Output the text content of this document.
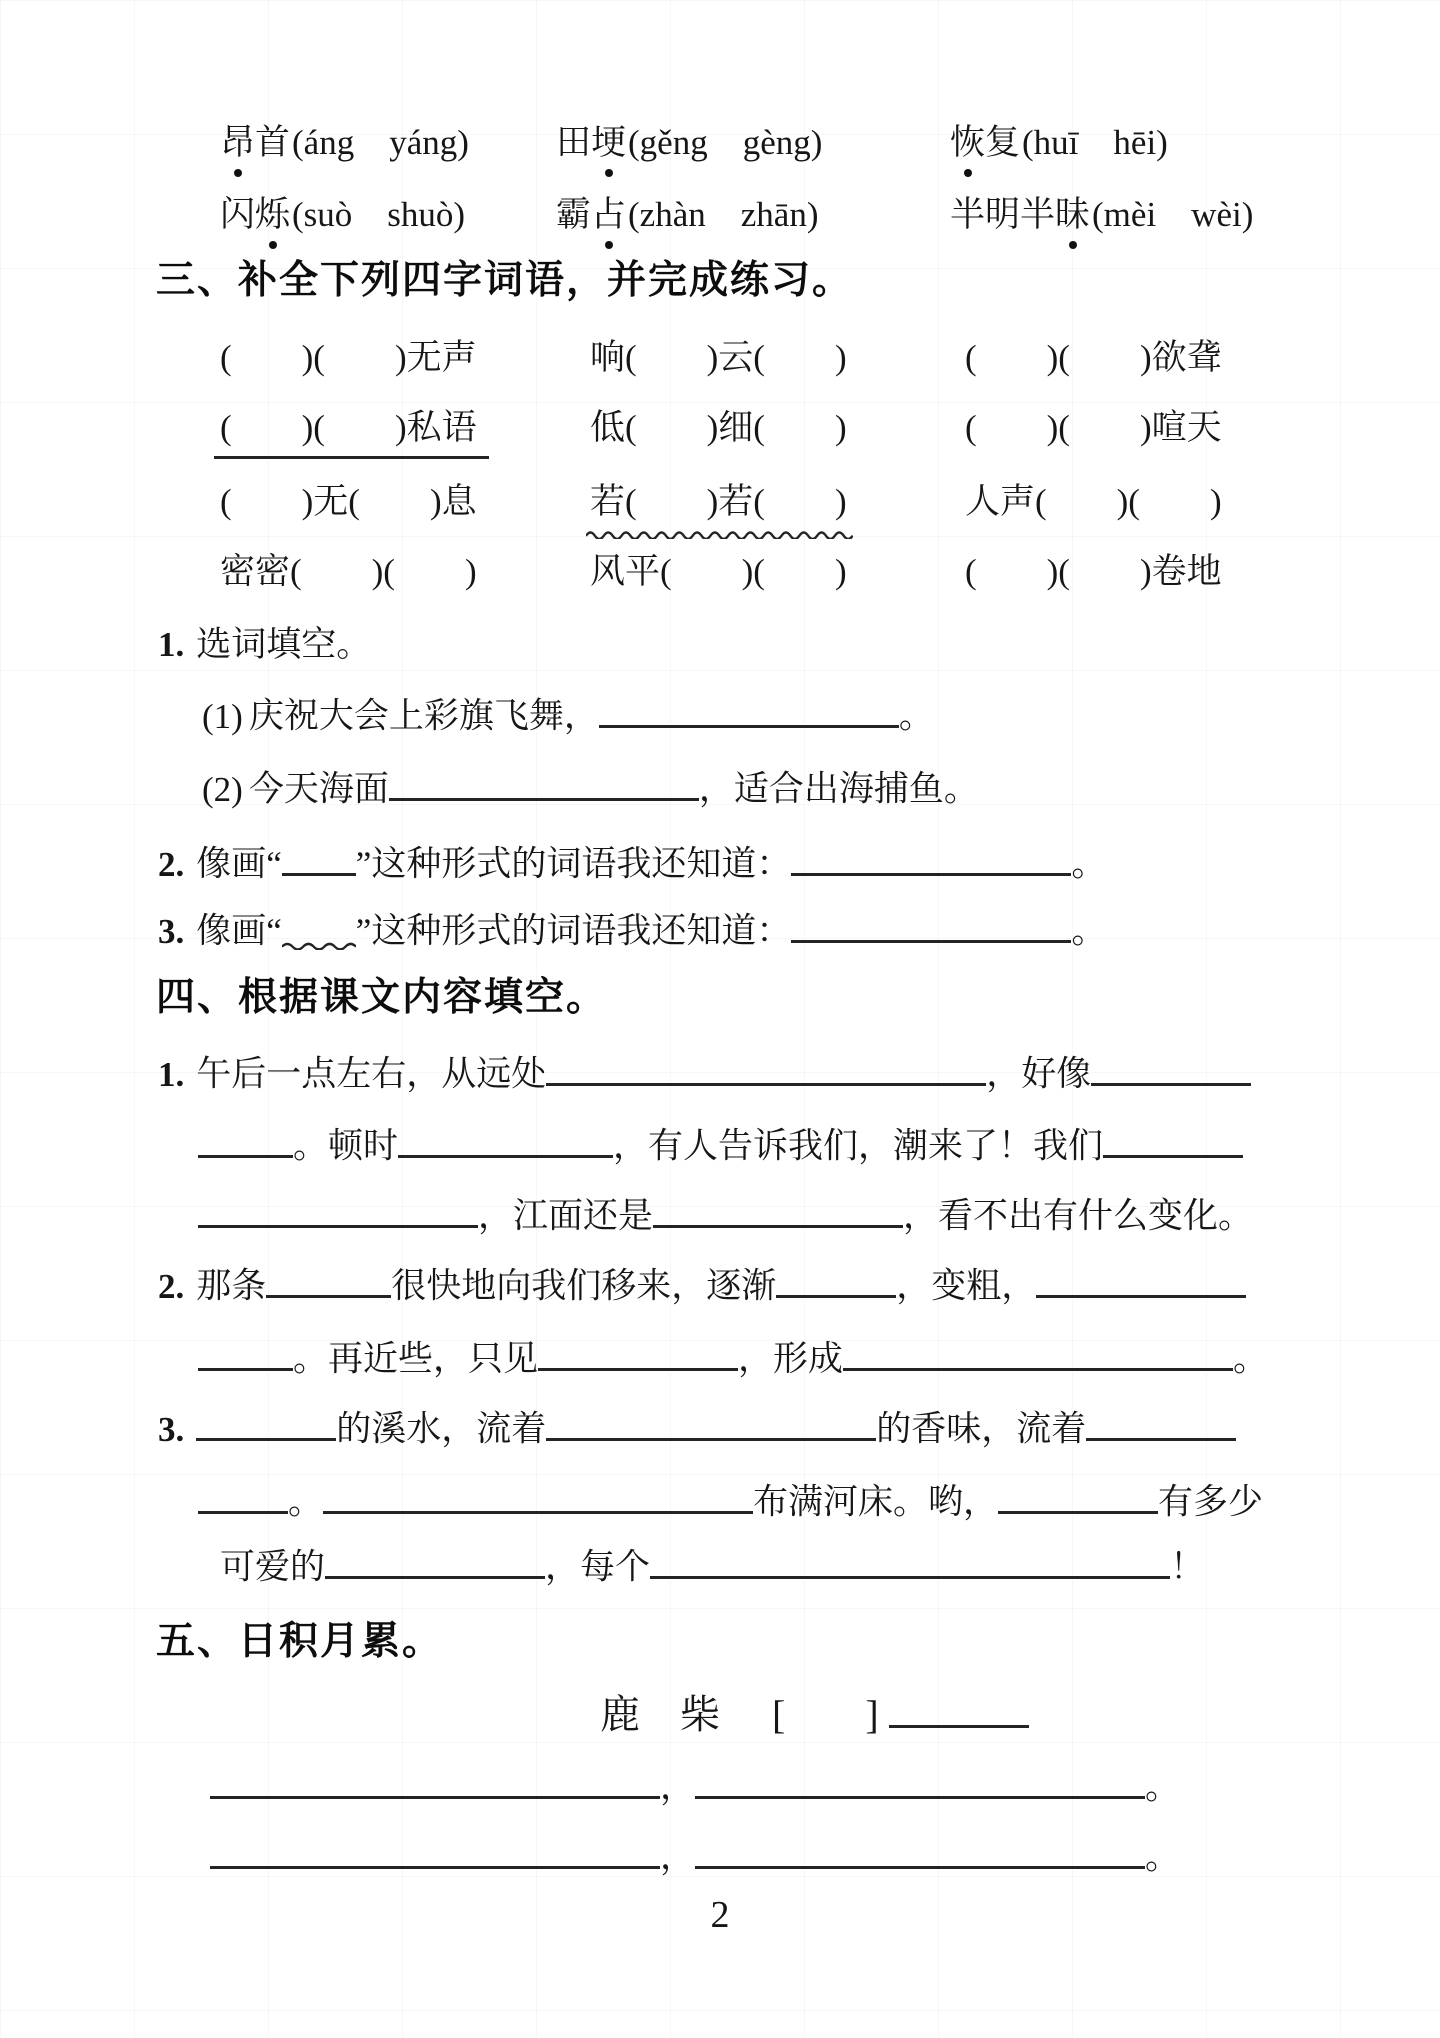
昂首(áng　yáng) 田埂(gěng　gèng)	恢复(huī　hēi)
闪烁(suò　shuò)	霸占(zhàn　zhān)	半明半昧(mèi　wèi)
三、补全下列四字词语，并完成练习。
(　　)(　　)无声	响(　　)云(　　)	(　　)(　　)欲聋
(　　)(　　)私语	低(　　)细(　　)	(　　)(　　)喧天
(　　)无(　　)息	若(　　)若(　　)	人声(　　)(　　)
密密(　　)(　　)	风平(　　)(　　)	(　　)(　　)卷地
1. 选词填空。
(1) 庆祝大会上彩旗飞舞，	。
(2) 今天海面	，适合出海捕鱼。
2. 像画“ ”这种形式的词语我还知道：	。
3. 像画“ ”这种形式的词语我还知道：	。
四、根据课文内容填空。
1. 午后一点左右，从远处	，好像
。顿时	，有人告诉我们，潮来了！我们
，江面还是	，看不出有什么变化。
2. 那条	很快地向我们移来，逐渐	，变粗，
。再近些，只见	，形成	。
3.	的溪水，流着	的香味，流着
。	布满河床。哟，	有多少
可爱的	，每个	！
五、日积月累。
鹿　柴 [　　]
，	。
，	。
2
